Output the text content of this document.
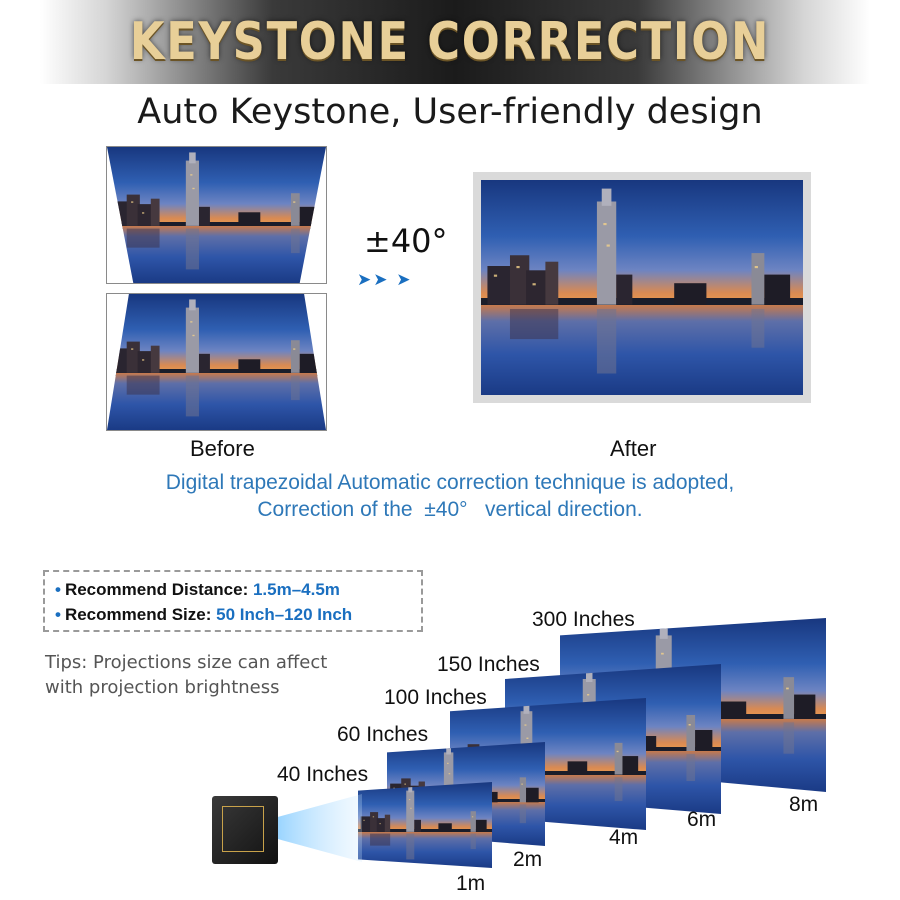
KEYSTONE CORRECTION
Auto Keystone, User-friendly design
±40°
➤➤ ➤
Before	After
Digital trapezoidal Automatic correction technique is adopted,
Correction of the  ±40°   vertical direction.
• Recommend Distance: 1.5m–4.5m
• Recommend Size: 50 Inch–120 Inch
Tips: Projections size can affect
with projection brightness
300 Inches
150 Inches
100 Inches
60 Inches
40 Inches
1m
2m
4m
6m
8m
